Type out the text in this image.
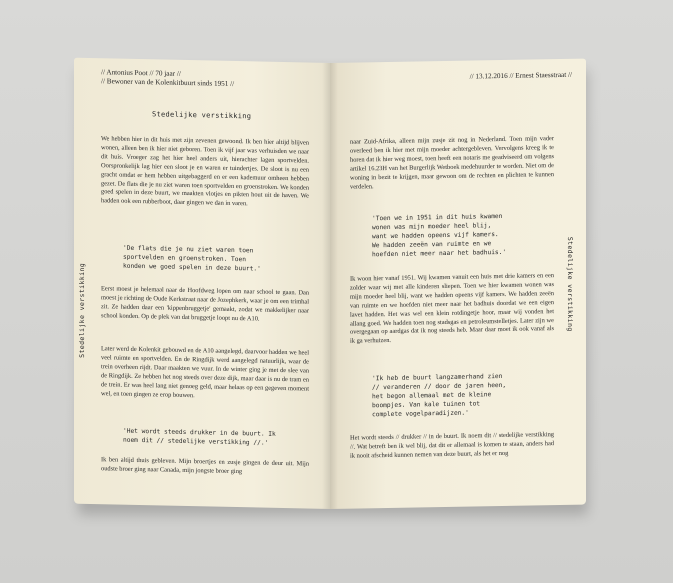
// Antonius Poot // 70 jaar //
// Bewoner van de Kolenkitbuurt sinds 1951 //
Stedelijke verstikking
Stedelijke verstikking

We hebben hier in dit huis met zijn zevenen gewoond. Ik ben hier altijd blijven wonen, alleen ben ik hier niet geboren. Toen ik vijf jaar was verhuisden we naar dit huis. Vroeger zag het hier heel anders uit, hierachter lagen sportvelden. Oorspronkelijk lag hier een sloot je en waren er tuindertjes. De sloot is nu een gracht omdat er hem hebben uitgebaggerd en er een kademuur omheen hebben gezet. De flats die je nu ziet waren toen sportvelden en groenstroken. We konden goed spelen in deze buurt, we maakten vlotjes en pikten hout uit de haven. We hadden ook een rubberboot, daar gingen we dan in varen.

'De flats die je nu ziet waren toen
sportvelden en groenstroken. Toen
konden we goed spelen in deze buurt.'

Eerst moest je helemaal naar de Hoofdweg lopen om naar school te gaan. Dan moest je richting de Oude Kerkstraat naar de Jozephkerk, waar je om een trimhal zit. Ze hadden daar een 'kippenbruggetje' gemaakt, zodat we makkelijker naar school konden. Op de plek van dat bruggetje loopt nu de A10.

Later werd de Kolenkit gebouwd en de A10 aangelegd, daarvoor hadden we heel veel ruimte en sportvelden. En de Ringdijk werd aangelegd natuurlijk, waar de trein overheen rijdt. Daar maakten we vuur. In de winter ging je met de slee van de Ringdijk. Ze hebben het nog steeds over deze dijk, maar daar is nu de tram en de trein. Er was heel lang niet genoeg geld, maar helaas op een gegeven moment wel, en toen gingen ze erop bouwen.

'Het wordt steeds drukker in de buurt. Ik
noem dit // stedelijke verstikking //.'

Ik ben altijd thuis gebleven. Mijn broertjes en zusje gingen de deur uit. Mijn oudste broer ging naar Canada, mijn jongste broer ging

// 13.12.2016 // Ernest Staesstraat //
Stedelijke verstikking

naar Zuid-Afrika, alleen mijn zusje zit nog in Nederland. Toen mijn vader overleed ben ik hier met mijn moeder achtergebleven. Vervolgens kreeg ik te horen dat ik hier weg moest, toen heeft een notaris me geadviseerd om volgens artikel 16.23H van het Burgerlijk Wetboek medehuurder te worden. Niet om de woning in bezit te krijgen, maar gewoon om de rechten en plichten te kunnen verdelen.

'Toen we in 1951 in dit huis kwamen
wonen was mijn moeder heel blij,
want we hadden opeens vijf kamers.
We hadden zeeën van ruimte en we
hoefden niet meer naar het badhuis.'

Ik woon hier vanaf 1951. Wij kwamen vanuit een huis met drie kamers en een zolder waar wij met alle kinderen sliepen. Toen we hier kwamen wonen was mijn moeder heel blij, want we hadden opeens vijf kamers. We hadden zeeën van ruimte en we hoefden niet meer naar het badhuis doordat we een eigen lavet hadden. Het was wel een klein rotdingetje hoor, maar wij vonden het allang goed. We hadden toen nog stadsgas en petroleumstelletjes. Later zijn we overgegaan op aardgas dat ik nog steeds heb. Maar daar moet ik ook vanaf als ik ga verhuizen.

'Ik heb de buurt langzamerhand zien
// veranderen // door de jaren heen,
het begon allemaal met de kleine
boompjes. Van kale tuinen tot
complete vogelparadijzen.'

Het wordt steeds // drukker // in de buurt. Ik noem dit // stedelijke verstikking //. Wat betreft ben ik wel blij, dat dit er allemaal is komen te staan, anders had ik nooit afscheid kunnen nemen van deze buurt, als het er nog
